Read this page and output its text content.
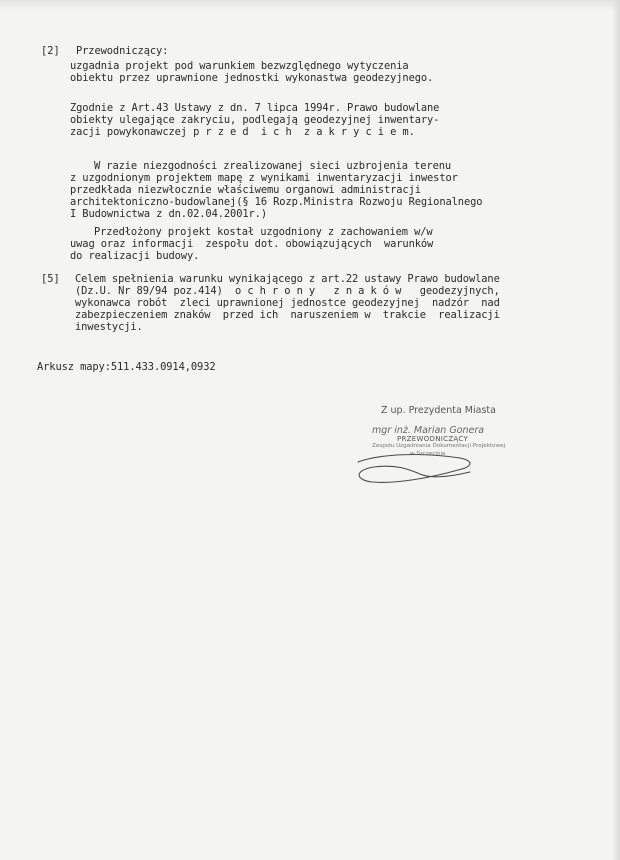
[2] Przewodniczący:
uzgadnia projekt pod warunkiem bezwzględnego wytyczenia
obiektu przez uprawnione jednostki wykonastwa geodezyjnego.
Zgodnie z Art.43 Ustawy z dn. 7 lipca 1994r. Prawo budowlane
obiekty ulegające zakryciu, podlegają geodezyjnej inwentary-
zacji powykonawczej p r z e d  i c h  z a k r y c i e m.
W razie niezgodności zrealizowanej sieci uzbrojenia terenu
z uzgodnionym projektem mapę z wynikami inwentaryzacji inwestor
przedkłada niezwłocznie właściwemu organowi administracji
architektoniczno-budowlanej(§ 16 Rozp.Ministra Rozwoju Regionalnego
I Budownictwa z dn.02.04.2001r.)
Przedłożony projekt kostał uzgodniony z zachowaniem w/w
uwag oraz informacji  zespołu dot. obowiązujących  warunków
do realizacji budowy.
[5] Celem spełnienia warunku wynikającego z art.22 ustawy Prawo budowlane
(Dz.U. Nr 89/94 poz.414)  o c h r o n y   z n a k ó w   geodezyjnych,
wykonawca robót  zleci uprawnionej jednostce geodezyjnej  nadzór  nad
zabezpieczeniem znaków  przed ich  naruszeniem w  trakcie  realizacji
inwestycji.
Arkusz mapy:511.433.0914,0932
Z up. Prezydenta Miasta
mgr inż. Marian Gonera
PRZEWODNICZĄCY
Zespołu Uzgadniania Dokumentacji Projektowej
w Szczecinie
